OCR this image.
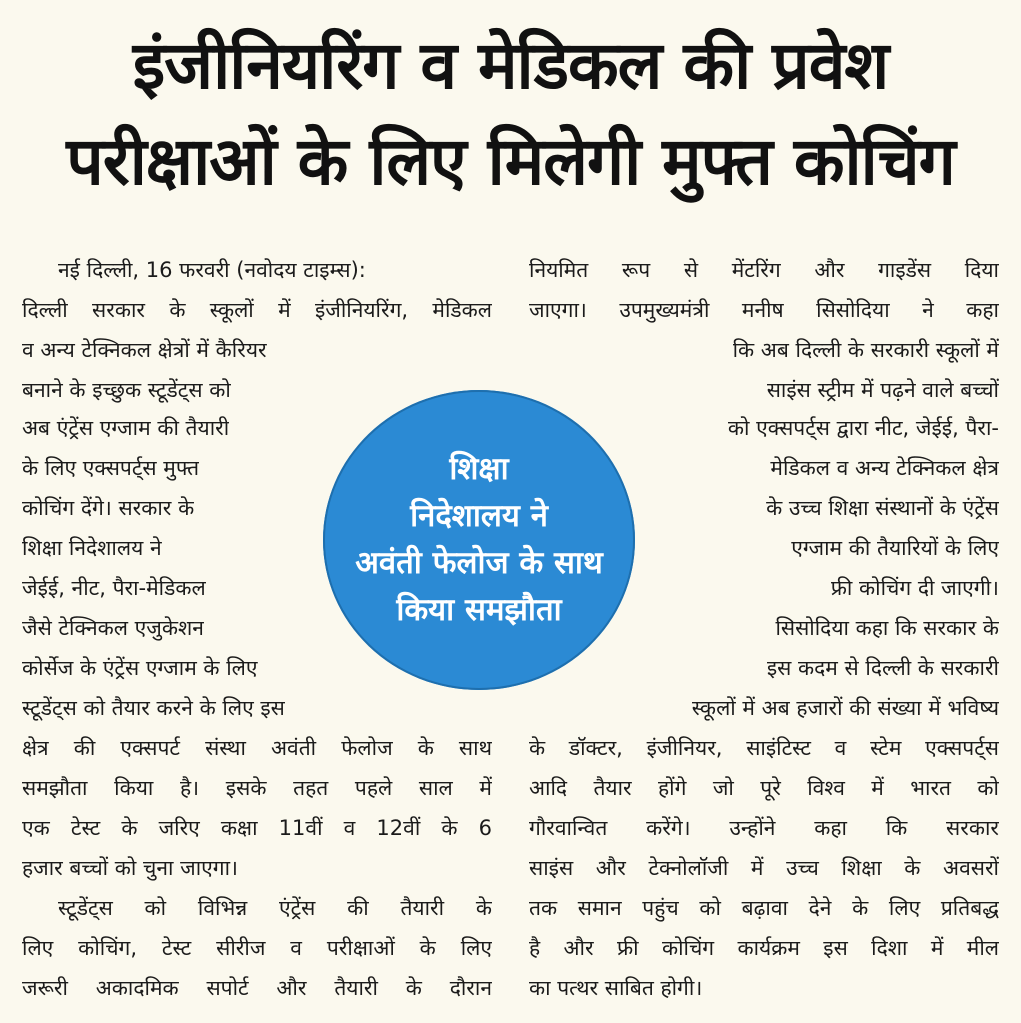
इंजीनियरिंग व मेडिकल की प्रवेश
परीक्षाओं के लिए मिलेगी मुफ्त कोचिंग
नई दिल्ली, 16 फरवरी (नवोदय टाइम्स):
दिल्ली सरकार के स्कूलों में इंजीनियरिंग, मेडिकल
व अन्य टेक्निकल क्षेत्रों में कैरियर
बनाने के इच्छुक स्टूडेंट्स को
अब एंट्रेंस एग्जाम की तैयारी
के लिए एक्सपर्ट्स मुफ्त
कोचिंग देंगे। सरकार के
शिक्षा निदेशालय ने
जेईई, नीट, पैरा-मेडिकल
जैसे टेक्निकल एजुकेशन
कोर्सेज के एंट्रेंस एग्जाम के लिए
स्टूडेंट्स को तैयार करने के लिए इस
क्षेत्र की एक्सपर्ट संस्था अवंती फेलोज के साथ
समझौता किया है। इसके तहत पहले साल में
एक टेस्ट के जरिए कक्षा 11वीं व 12वीं के 6
हजार बच्चों को चुना जाएगा।
स्टूडेंट्स को विभिन्न एंट्रेंस की तैयारी के
लिए कोचिंग, टेस्ट सीरीज व परीक्षाओं के लिए
जरूरी अकादमिक सपोर्ट और तैयारी के दौरान
नियमित रूप से मेंटरिंग और गाइडेंस दिया
जाएगा। उपमुख्यमंत्री मनीष सिसोदिया ने कहा
कि अब दिल्ली के सरकारी स्कूलों में
साइंस स्ट्रीम में पढ़ने वाले बच्चों
को एक्सपर्ट्स द्वारा नीट, जेईई, पैरा-
मेडिकल व अन्य टेक्निकल क्षेत्र
के उच्च शिक्षा संस्थानों के एंट्रेंस
एग्जाम की तैयारियों के लिए
फ्री कोचिंग दी जाएगी।
सिसोदिया कहा कि सरकार के
इस कदम से दिल्ली के सरकारी
स्कूलों में अब हजारों की संख्या में भविष्य
के डॉक्टर, इंजीनियर, साइंटिस्ट व स्टेम एक्सपर्ट्स
आदि तैयार होंगे जो पूरे विश्व में भारत को
गौरवान्वित करेंगे। उन्होंने कहा कि सरकार
साइंस और टेक्नोलॉजी में उच्च शिक्षा के अवसरों
तक समान पहुंच को बढ़ावा देने के लिए प्रतिबद्ध
है और फ्री कोचिंग कार्यक्रम इस दिशा में मील
का पत्थर साबित होगी।
शिक्षा
निदेशालय ने
अवंती फेलोज के साथ
किया समझौता
